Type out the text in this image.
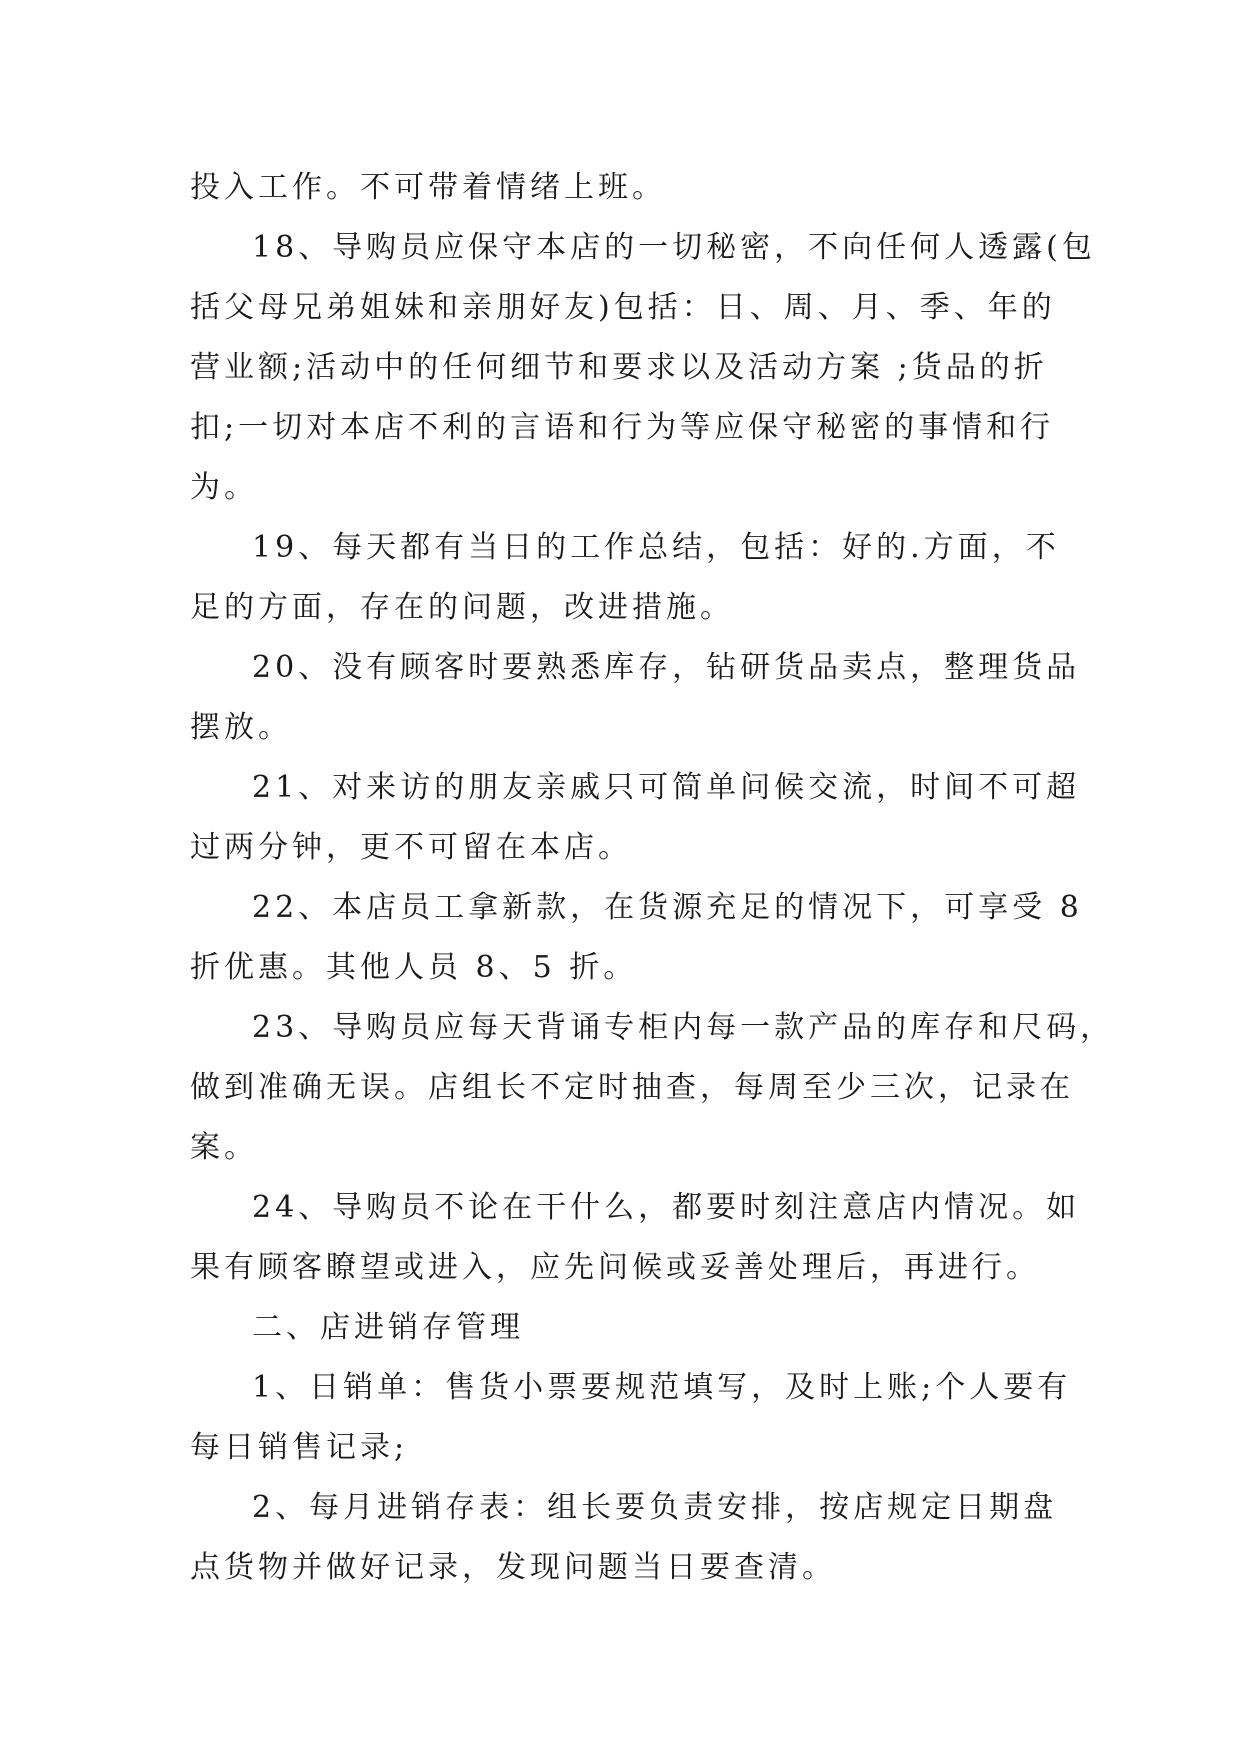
投入工作。不可带着情绪上班。
18、导购员应保守本店的一切秘密，不向任何人透露(包
括父母兄弟姐妹和亲朋好友)包括：日、周、月、季、年的
营业额;活动中的任何细节和要求以及活动方案 ;货品的折
扣;一切对本店不利的言语和行为等应保守秘密的事情和行
为。
19、每天都有当日的工作总结，包括：好的.方面，不
足的方面，存在的问题，改进措施。
20、没有顾客时要熟悉库存，钻研货品卖点，整理货品
摆放。
21、对来访的朋友亲戚只可简单问候交流，时间不可超
过两分钟，更不可留在本店。
22、本店员工拿新款，在货源充足的情况下，可享受 8
折优惠。其他人员 8、5 折。
23、导购员应每天背诵专柜内每一款产品的库存和尺码，
做到准确无误。店组长不定时抽查，每周至少三次，记录在
案。
24、导购员不论在干什么，都要时刻注意店内情况。如
果有顾客瞭望或进入，应先问候或妥善处理后，再进行。
二、店进销存管理
1、日销单：售货小票要规范填写，及时上账;个人要有
每日销售记录;
2、每月进销存表：组长要负责安排，按店规定日期盘
点货物并做好记录，发现问题当日要查清。
